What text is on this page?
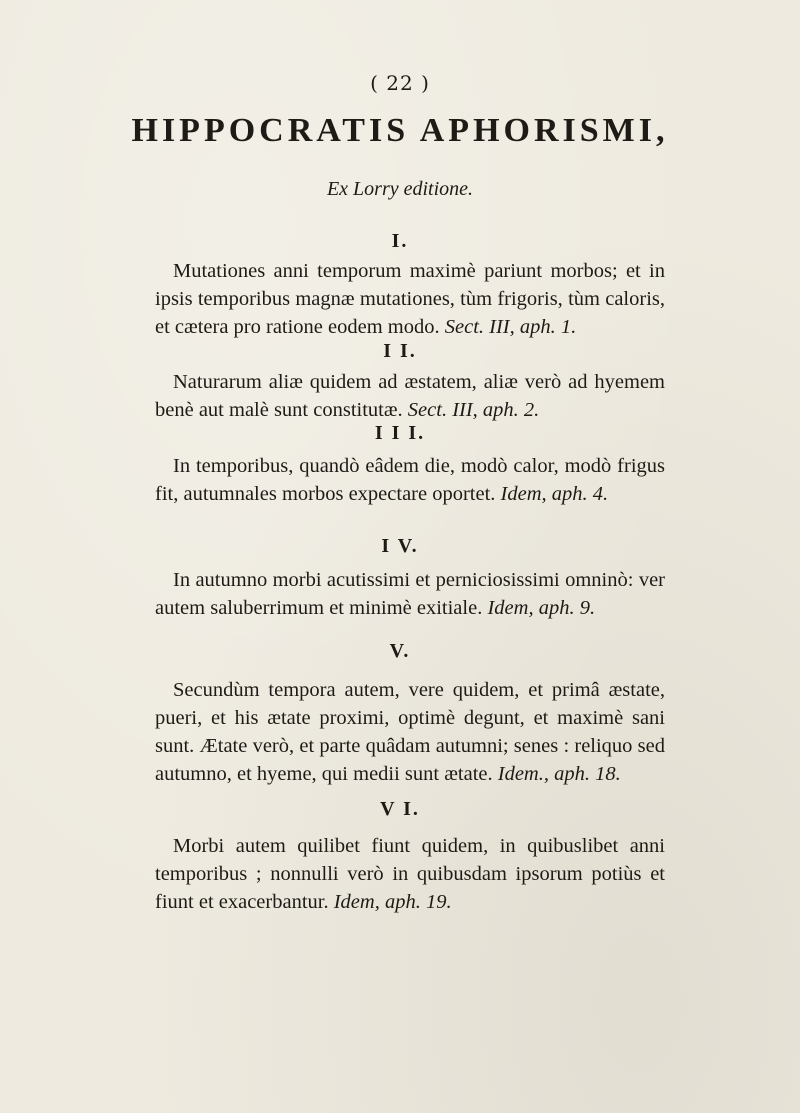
( 22 )
HIPPOCRATIS APHORISMI,
Ex Lorry editione.
I.
Mutationes anni temporum maximè pariunt morbos; et in ipsis temporibus magnæ mutationes, tùm frigoris, tùm caloris, et cætera pro ratione eodem modo. Sect. III, aph. 1.
I I.
Naturarum aliæ quidem ad æstatem, aliæ verò ad hyemem benè aut malè sunt constitutæ. Sect. III, aph. 2.
I I I.
In temporibus, quandò eâdem die, modò calor, modò frigus fit, autumnales morbos expectare oportet. Idem, aph. 4.
I V.
In autumno morbi acutissimi et perniciosissimi omninò: ver autem saluberrimum et minimè exitiale. Idem, aph. 9.
V.
Secundùm tempora autem, vere quidem, et primâ æstate, pueri, et his ætate proximi, optimè degunt, et maximè sani sunt. Ætate verò, et parte quâdam autumni; senes : reliquo sed autumno, et hyeme, qui medii sunt ætate. Idem., aph. 18.
V I.
Morbi autem quilibet fiunt quidem, in quibuslibet anni temporibus ; nonnulli verò in quibusdam ipsorum potiùs et fiunt et exacerbantur. Idem, aph. 19.
